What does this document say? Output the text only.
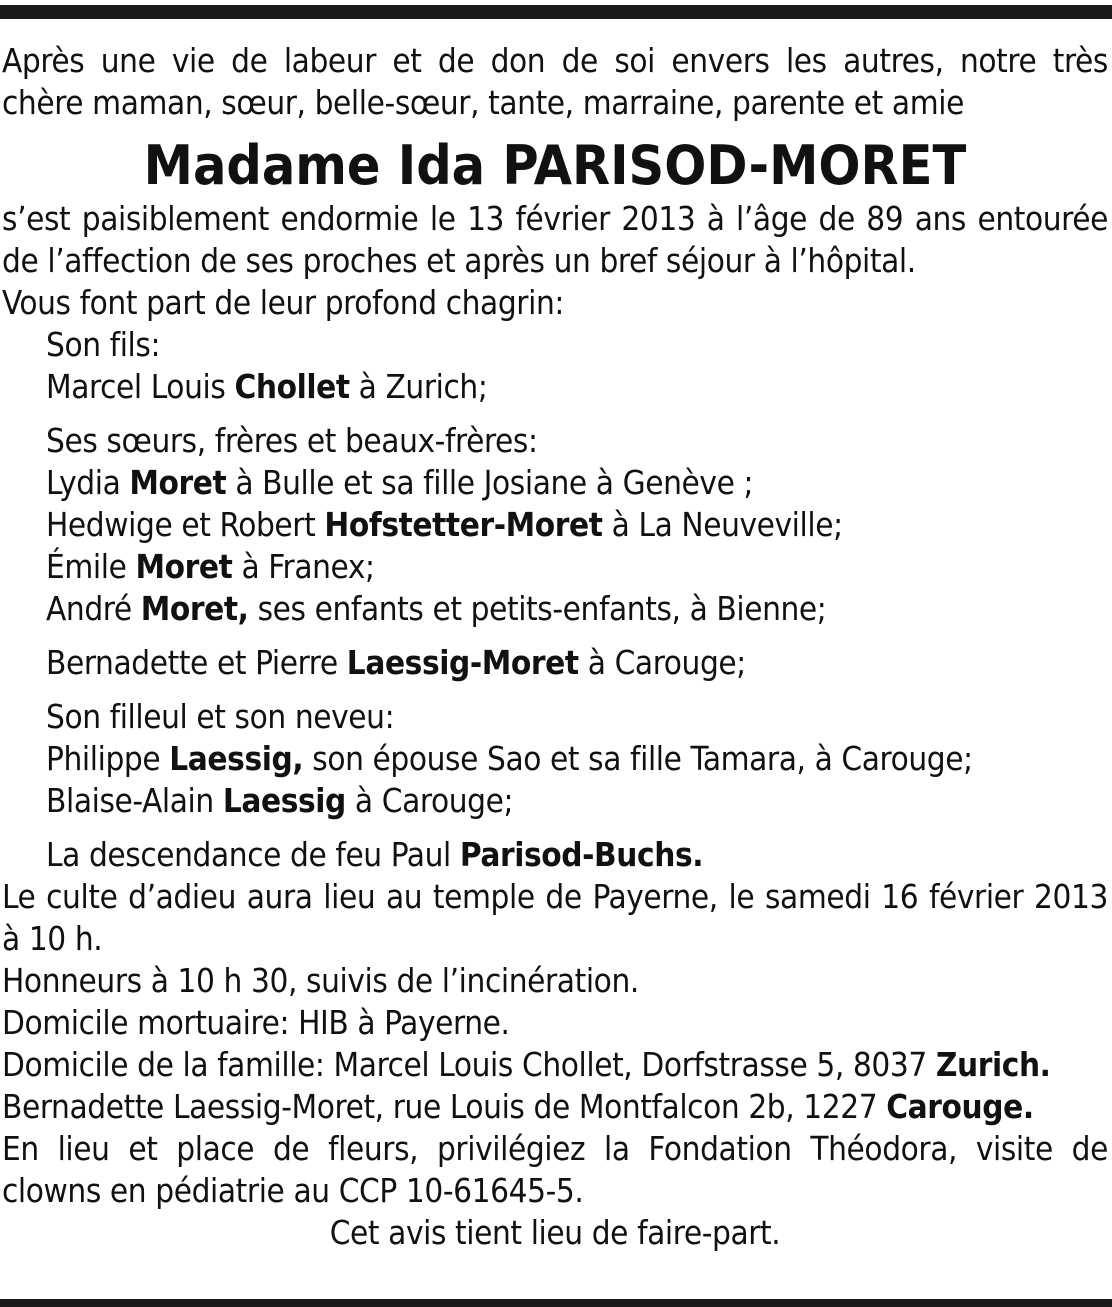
Après une vie de labeur et de don de soi envers les autres, notre très

chère maman, sœur, belle-sœur, tante, marraine, parente et amie

Madame Ida PARISOD-MORET

s’est paisiblement endormie le 13 février 2013 à l’âge de 89 ans entourée

de l’affection de ses proches et après un bref séjour à l’hôpital.

Vous font part de leur profond chagrin:

Son fils:

Marcel Louis Chollet à Zurich;

Ses sœurs, frères et beaux-frères:

Lydia Moret à Bulle et sa fille Josiane à Genève ;

Hedwige et Robert Hofstetter-Moret à La Neuveville;

Émile Moret à Franex;

André Moret, ses enfants et petits-enfants, à Bienne;

Bernadette et Pierre Laessig-Moret à Carouge;

Son filleul et son neveu:

Philippe Laessig, son épouse Sao et sa fille Tamara, à Carouge;

Blaise-Alain Laessig à Carouge;

La descendance de feu Paul Parisod-Buchs.

Le culte d’adieu aura lieu au temple de Payerne, le samedi 16 février 2013 à 10 h.

Honneurs à 10 h 30, suivis de l’incinération.

Domicile mortuaire: HIB à Payerne.

Domicile de la famille: Marcel Louis Chollet, Dorfstrasse 5, 8037 Zurich.

Bernadette Laessig-Moret, rue Louis de Montfalcon 2b, 1227 Carouge.

En lieu et place de fleurs, privilégiez la Fondation Théodora, visite de clowns en pédiatrie au CCP 10-61645-5.

Cet avis tient lieu de faire-part.
